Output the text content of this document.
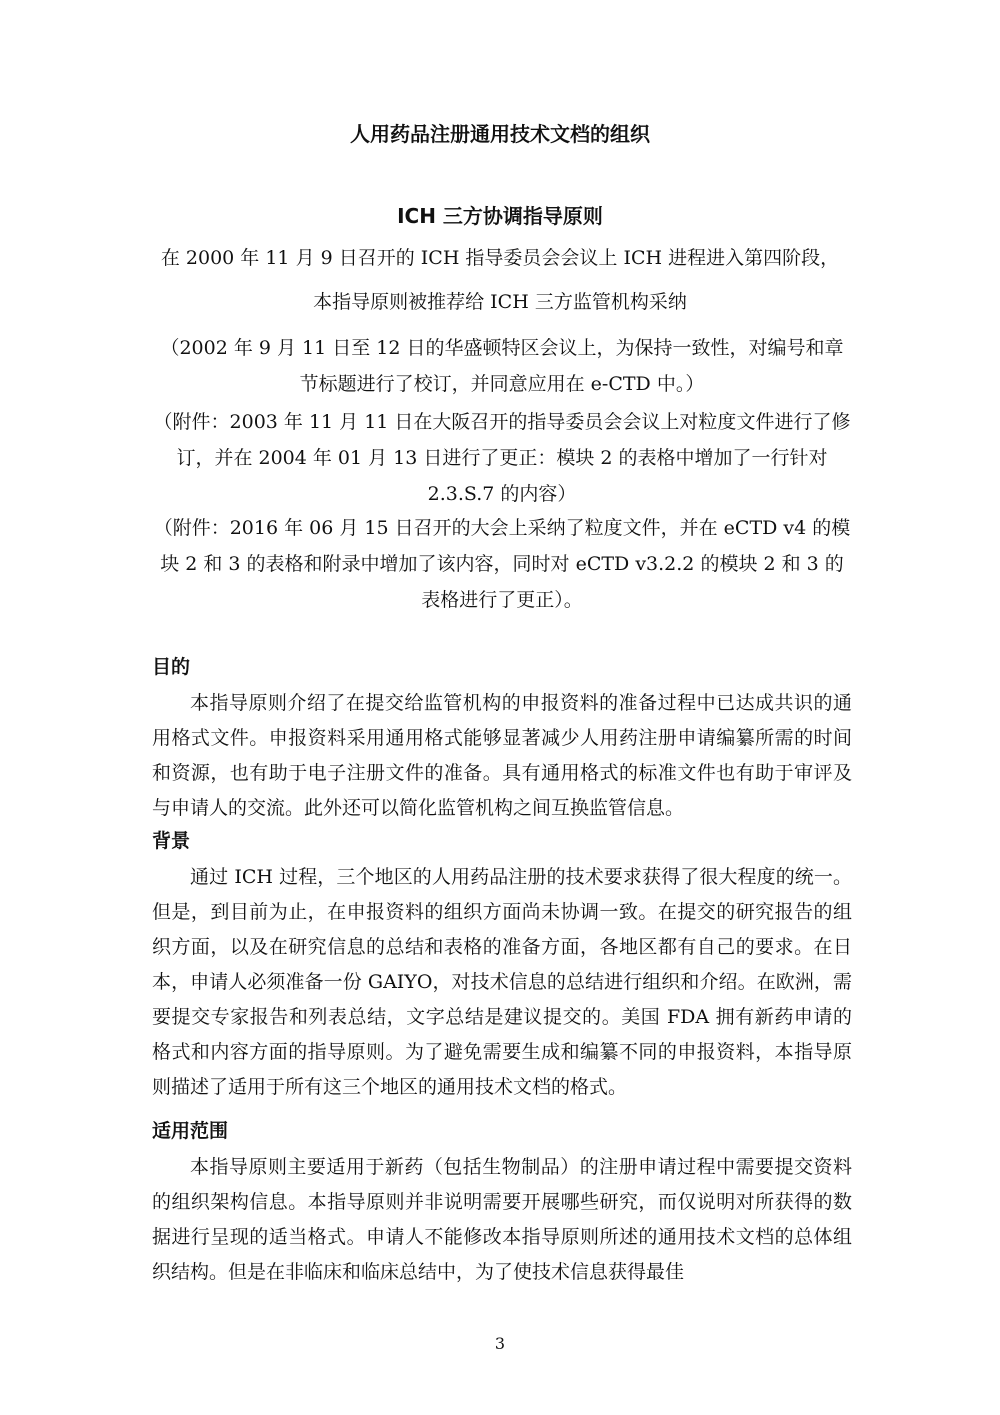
人用药品注册通用技术文档的组织
ICH 三方协调指导原则
在 2000 年 11 月 9 日召开的 ICH 指导委员会会议上 ICH 进程进入第四阶段，
本指导原则被推荐给 ICH 三方监管机构采纳
（2002 年 9 月 11 日至 12 日的华盛顿特区会议上，为保持一致性，对编号和章节标题进行了校订，并同意应用在 e-CTD 中。）
（附件：2003 年 11 月 11 日在大阪召开的指导委员会会议上对粒度文件进行了修订，并在 2004 年 01 月 13 日进行了更正：模块 2 的表格中增加了一行针对 2.3.S.7 的内容）
（附件：2016 年 06 月 15 日召开的大会上采纳了粒度文件，并在 eCTD v4 的模块 2 和 3 的表格和附录中增加了该内容，同时对 eCTD v3.2.2 的模块 2 和 3 的表格进行了更正）。
目的
本指导原则介绍了在提交给监管机构的申报资料的准备过程中已达成共识的通用格式文件。申报资料采用通用格式能够显著减少人用药注册申请编纂所需的时间和资源，也有助于电子注册文件的准备。具有通用格式的标准文件也有助于审评及与申请人的交流。此外还可以简化监管机构之间互换监管信息。
背景
通过 ICH 过程，三个地区的人用药品注册的技术要求获得了很大程度的统一。但是，到目前为止，在申报资料的组织方面尚未协调一致。在提交的研究报告的组织方面，以及在研究信息的总结和表格的准备方面，各地区都有自己的要求。在日本，申请人必须准备一份 GAIYO，对技术信息的总结进行组织和介绍。在欧洲，需要提交专家报告和列表总结，文字总结是建议提交的。美国 FDA 拥有新药申请的格式和内容方面的指导原则。为了避免需要生成和编纂不同的申报资料，本指导原则描述了适用于所有这三个地区的通用技术文档的格式。
适用范围
本指导原则主要适用于新药（包括生物制品）的注册申请过程中需要提交资料的组织架构信息。本指导原则并非说明需要开展哪些研究，而仅说明对所获得的数据进行呈现的适当格式。申请人不能修改本指导原则所述的通用技术文档的总体组织结构。但是在非临床和临床总结中，为了使技术信息获得最佳
3
